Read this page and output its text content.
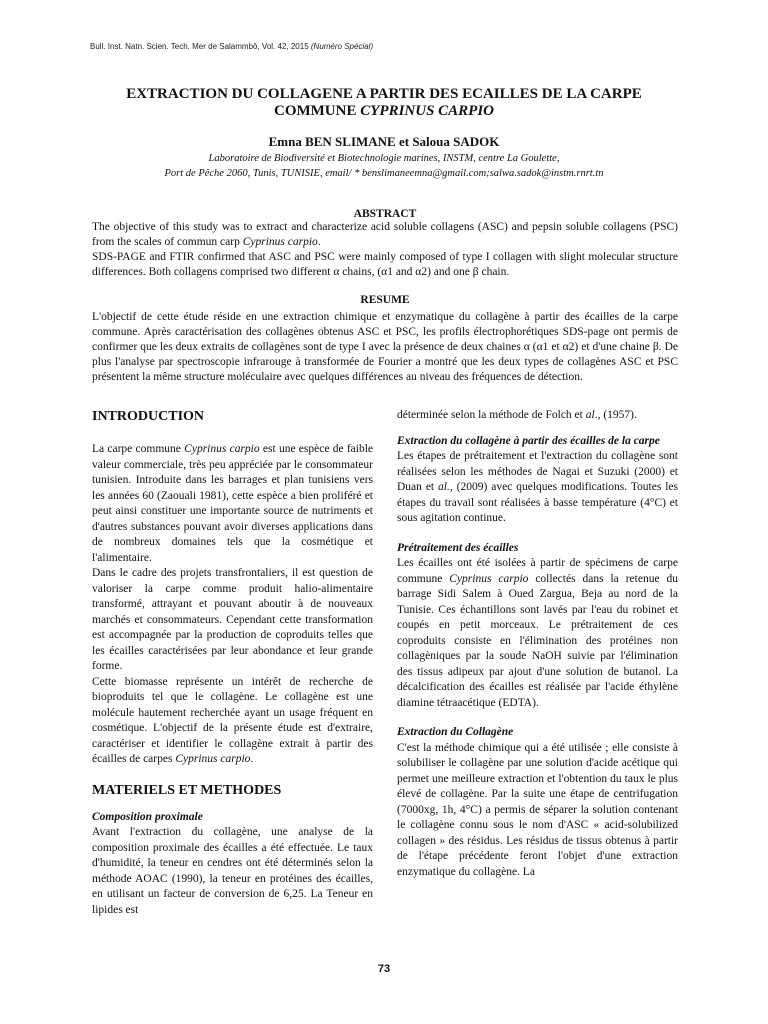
Bull. Inst. Natn. Scien. Tech. Mer de Salammbô, Vol. 42, 2015 (Numéro Spécial)
EXTRACTION DU COLLAGENE A PARTIR DES ECAILLES DE LA CARPE
COMMUNE CYPRINUS CARPIO

Emna BEN SLIMANE et Saloua SADOK

Laboratoire de Biodiversité et Biotechnologie marines, INSTM, centre La Goulette,
Port de Pêche 2060, Tunis, TUNISIE, email/ * benslimaneemna@gmail.com;salwa.sadok@instm.rnrt.tn

ABSTRACT

The objective of this study was to extract and characterize acid soluble collagens (ASC) and pepsin soluble collagens (PSC) from the scales of commun carp Cyprinus carpio.

SDS-PAGE and FTIR confirmed that ASC and PSC were mainly composed of type I collagen with slight molecular structure differences. Both collagens comprised two different α chains, (α1 and α2) and one β chain.

RESUME

L'objectif de cette étude réside en une extraction chimique et enzymatique du collagène à partir des écailles de la carpe commune. Après caractérisation des collagènes obtenus ASC et PSC, les profils électrophorétiques SDS-page ont permis de confirmer que les deux extraits de collagènes sont de type I avec la présence de deux chaines α (α1 et α2) et d'une chaine β. De plus l'analyse par spectroscopie infrarouge à transformée de Fourier a montré que les deux types de collagènes ASC et PSC présentent la même structure moléculaire avec quelques différences au niveau des fréquences de détection.

INTRODUCTION

La carpe commune Cyprinus carpio est une espèce de faible valeur commerciale, très peu appréciée par le consommateur tunisien. Introduite dans les barrages et plan tunisiens vers les années 60 (Zaouali 1981), cette espèce a bien proliféré et peut ainsi constituer une importante source de nutriments et d'autres substances pouvant avoir diverses applications dans de nombreux domaines tels que la cosmétique et l'alimentaire.

Dans le cadre des projets transfrontaliers, il est question de valoriser la carpe comme produit halio-alimentaire transformé, attrayant et pouvant aboutir à de nouveaux marchés et consommateurs. Cependant cette transformation est accompagnée par la production de coproduits telles que les écailles caractérisées par leur abondance et leur grande forme.

Cette biomasse représente un intérêt de recherche de bioproduits tel que le collagène. Le collagène est une molécule hautement recherchée ayant un usage fréquent en cosmétique. L'objectif de la présente étude est d'extraire, caractériser et identifier le collagène extrait à partir des écailles de carpes Cyprinus carpio.

MATERIELS ET METHODES
Composition proximale

Avant l'extraction du collagène, une analyse de la composition proximale des écailles a été effectuée. Le taux d'humidité, la teneur en cendres ont été déterminés selon la méthode AOAC (1990), la teneur en protéines des écailles, en utilisant un facteur de conversion de 6,25. La Teneur en lipides est

déterminée selon la méthode de Folch et al., (1957).

Extraction du collagène à partir des écailles de la carpe

Les étapes de prétraitement et l'extraction du collagène sont réalisées selon les méthodes de Nagai et Suzuki (2000) et Duan et al., (2009) avec quelques modifications. Toutes les étapes du travail sont réalisées à basse température (4°C) et sous agitation continue.

Prétraitement des écailles

Les écailles ont été isolées à partir de spécimens de carpe commune Cyprinus carpio collectés dans la retenue du barrage Sidi Salem à Oued Zargua, Beja au nord de la Tunisie. Ces échantillons sont lavés par l'eau du robinet et coupés en petit morceaux. Le prétraitement de ces coproduits consiste en l'élimination des protéines non collagèniques par la soude NaOH suivie par l'élimination des tissus adipeux par ajout d'une solution de butanol. La décalcification des écailles est réalisée par l'acide éthylène diamine tétraacétique (EDTA).

Extraction du Collagène

C'est la méthode chimique qui a été utilisée ; elle consiste à solubiliser le collagène par une solution d'acide acétique qui permet une meilleure extraction et l'obtention du taux le plus élevé de collagène. Par la suite une étape de centrifugation (7000xg, 1h, 4°C) a permis de séparer la solution contenant le collagène connu sous le nom d'ASC « acid-solubilized collagen » des résidus. Les résidus de tissus obtenus à partir de l'étape précédente feront l'objet d'une extraction enzymatique du collagène. La

73
